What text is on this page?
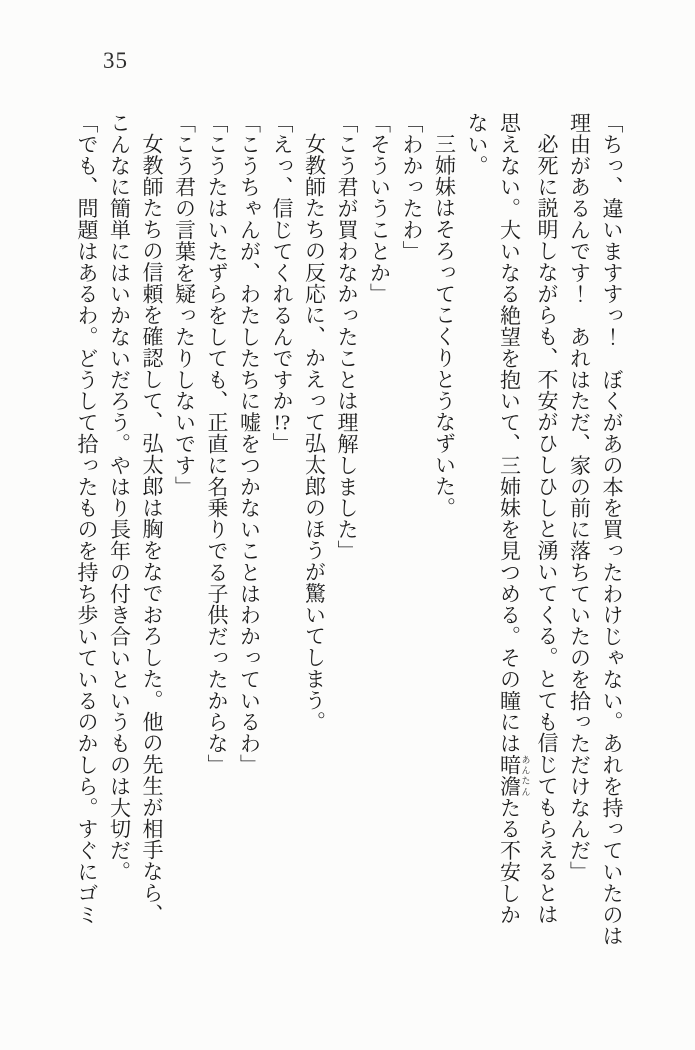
35
「ちっ、違いますすっ！　ぼくがあの本を買ったわけじゃない。あれを持っていたのは
理由があるんです！　あれはただ、家の前に落ちていたのを拾っただけなんだ」
必死に説明しながらも、不安がひしひしと湧いてくる。とても信じてもらえるとは
思えない。大いなる絶望を抱いて、三姉妹を見つめる。その瞳には暗澹 あんたんたる不安しか
ない。
三姉妹はそろってこくりとうなずいた。
「わかったわ」
「そういうことか」
「こう君が買わなかったことは理解しました」
女教師たちの反応に、かえって弘太郎のほうが驚いてしまう。
「えっ、信じてくれるんですか!?」
「こうちゃんが、わたしたちに嘘をつかないことはわかっているわ」
「こうたはいたずらをしても、正直に名乗りでる子供だったからな」
「こう君の言葉を疑ったりしないです」
女教師たちの信頼を確認して、弘太郎は胸をなでおろした。他の先生が相手なら、
こんなに簡単にはいかないだろう。やはり長年の付き合いというものは大切だ。
「でも、問題はあるわ。どうして拾ったものを持ち歩いているのかしら。すぐにゴミ
